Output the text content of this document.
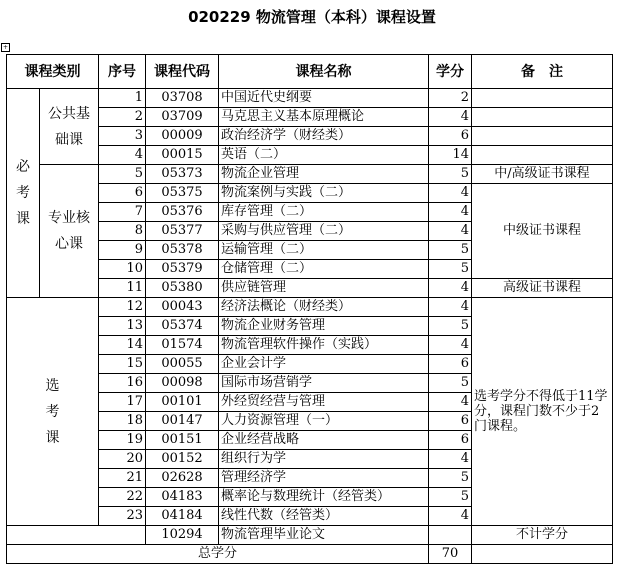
020229 物流管理（本科）课程设置
+
课程类别		序号	课程代码	课程名称	学分	备　注
必考课	公共基础课	1	03708	中国近代史纲要	2	
		2	03709	马克思主义基本原理概论	4	
		3	00009	政治经济学（财经类）	6	
		4	00015	英语（二）	14	
	专业核心课	5	05373	物流企业管理	5	中/高级证书课程
		6	05375	物流案例与实践（二）	4	中级证书课程
		7	05376	库存管理（二）	4	
		8	05377	采购与供应管理（二）	4	
		9	05378	运输管理（二）	5	
		10	05379	仓储管理（二）	5	
		11	05380	供应链管理	4	高级证书课程
选考课		12	00043	经济法概论（财经类）	4	选考学分不得低于11学分，课程门数不少于2门课程。
		13	05374	物流企业财务管理	5	
		14	01574	物流管理软件操作（实践）	4	
		15	00055	企业会计学	6	
		16	00098	国际市场营销学	5	
		17	00101	外经贸经营与管理	4	
		18	00147	人力资源管理（一）	6	
		19	00151	企业经营战略	6	
		20	00152	组织行为学	4	
		21	02628	管理经济学	5	
		22	04183	概率论与数理统计（经管类）	5	
		23	04184	线性代数（经管类）	4	
			10294	物流管理毕业论文		不计学分
总学分					70	
